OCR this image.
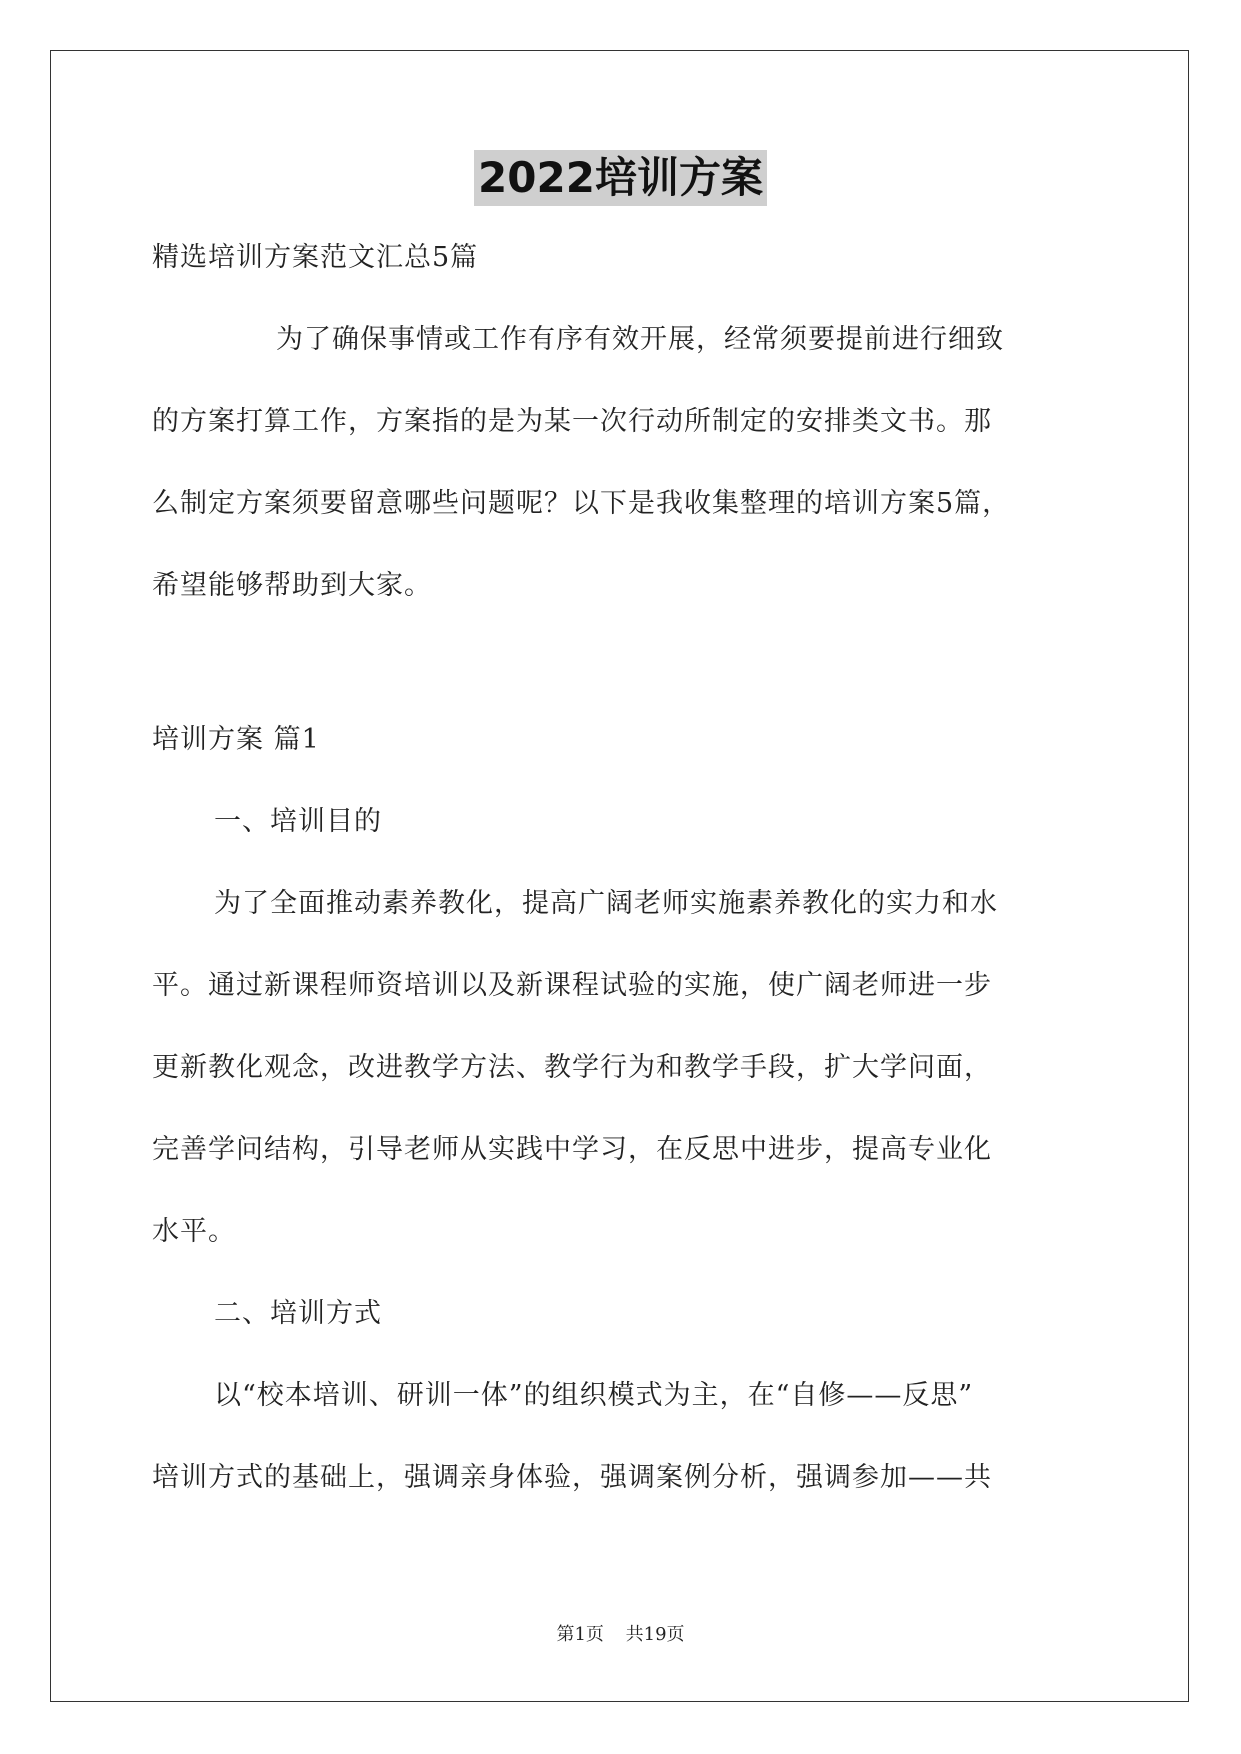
2022培训方案
精选培训方案范文汇总5篇
为了确保事情或工作有序有效开展，经常须要提前进行细致
的方案打算工作，方案指的是为某一次行动所制定的安排类文书。那
么制定方案须要留意哪些问题呢？以下是我收集整理的培训方案5篇，
希望能够帮助到大家。
培训方案 篇1
一、培训目的
为了全面推动素养教化，提高广阔老师实施素养教化的实力和水
平。通过新课程师资培训以及新课程试验的实施，使广阔老师进一步
更新教化观念，改进教学方法、教学行为和教学手段，扩大学问面，
完善学问结构，引导老师从实践中学习，在反思中进步，提高专业化
水平。
二、培训方式
以“校本培训、研训一体”的组织模式为主，在“自修——反思”
培训方式的基础上，强调亲身体验，强调案例分析，强调参加——共
第1页 共19页
